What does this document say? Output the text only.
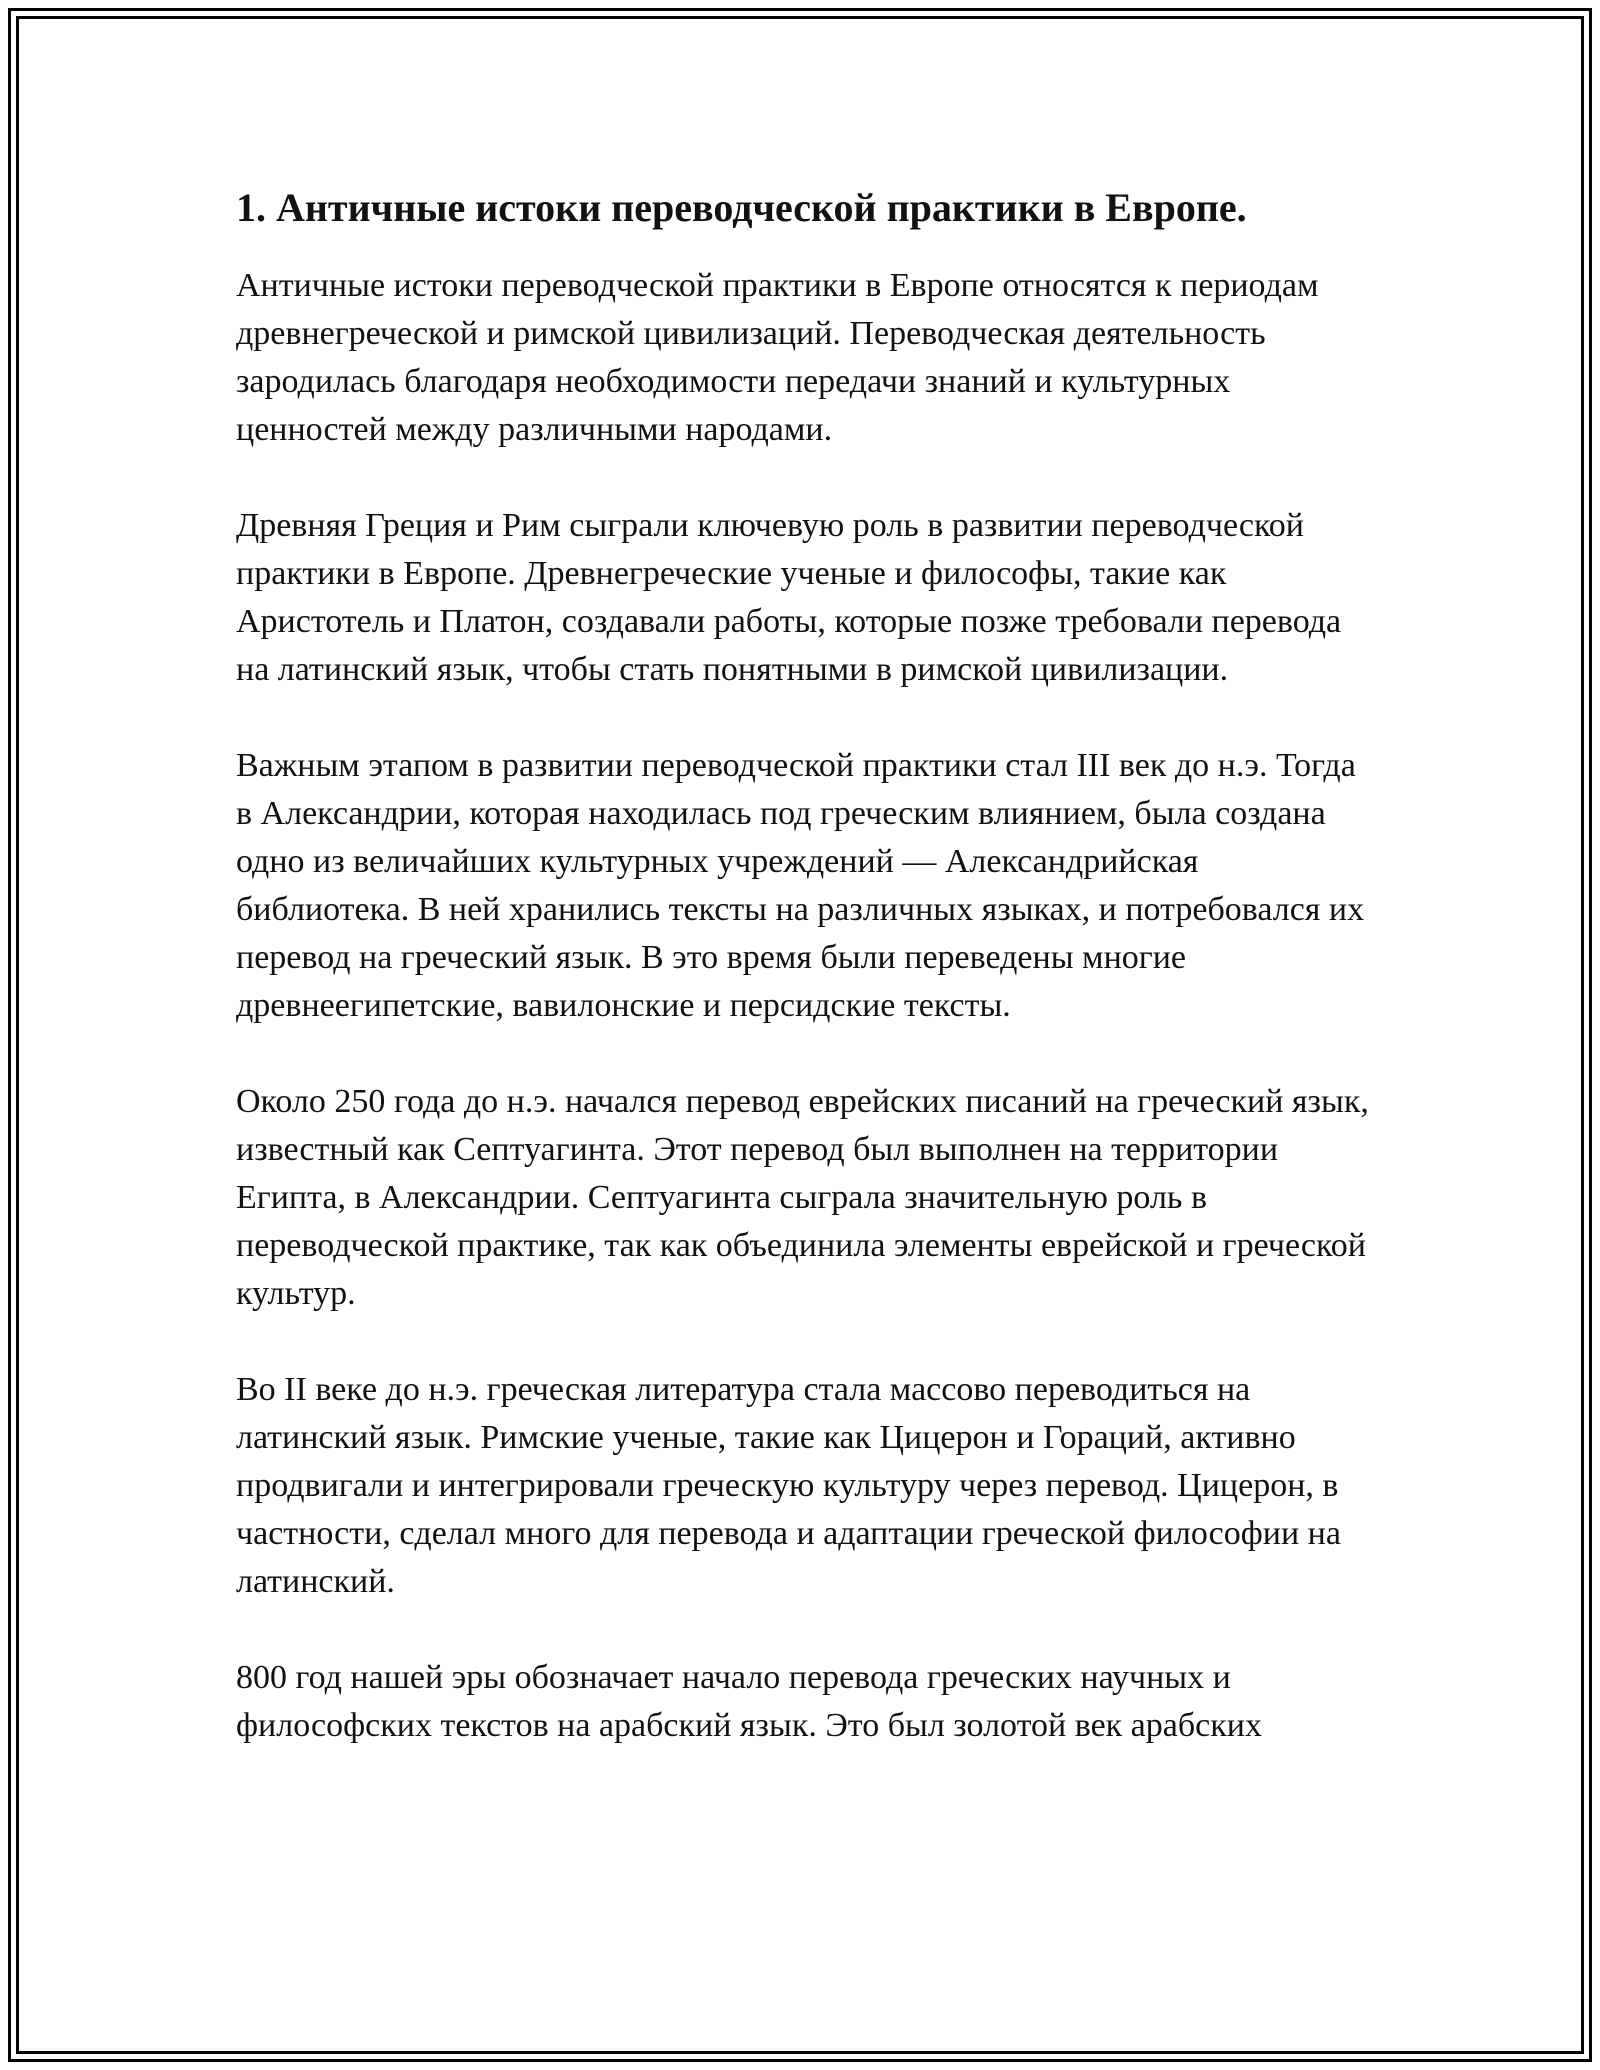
1. Античные истоки переводческой практики в Европе.

Античные истоки переводческой практики в Европе относятся к периодам древнегреческой и римской цивилизаций. Переводческая деятельность зародилась благодаря необходимости передачи знаний и культурных ценностей между различными народами.

Древняя Греция и Рим сыграли ключевую роль в развитии переводческой практики в Европе. Древнегреческие ученые и философы, такие как Аристотель и Платон, создавали работы, которые позже требовали перевода на латинский язык, чтобы стать понятными в римской цивилизации.

Важным этапом в развитии переводческой практики стал III век до н.э. Тогда в Александрии, которая находилась под греческим влиянием, была создана одно из величайших культурных учреждений — Александрийская библиотека. В ней хранились тексты на различных языках, и потребовался их перевод на греческий язык. В это время были переведены многие древнеегипетские, вавилонские и персидские тексты.

Около 250 года до н.э. начался перевод еврейских писаний на греческий язык, известный как Септуагинта. Этот перевод был выполнен на территории Египта, в Александрии. Септуагинта сыграла значительную роль в переводческой практике, так как объединила элементы еврейской и греческой культур.

Во II веке до н.э. греческая литература стала массово переводиться на латинский язык. Римские ученые, такие как Цицерон и Гораций, активно продвигали и интегрировали греческую культуру через перевод. Цицерон, в частности, сделал много для перевода и адаптации греческой философии на латинский.

800 год нашей эры обозначает начало перевода греческих научных и философских текстов на арабский язык. Это был золотой век арабских
